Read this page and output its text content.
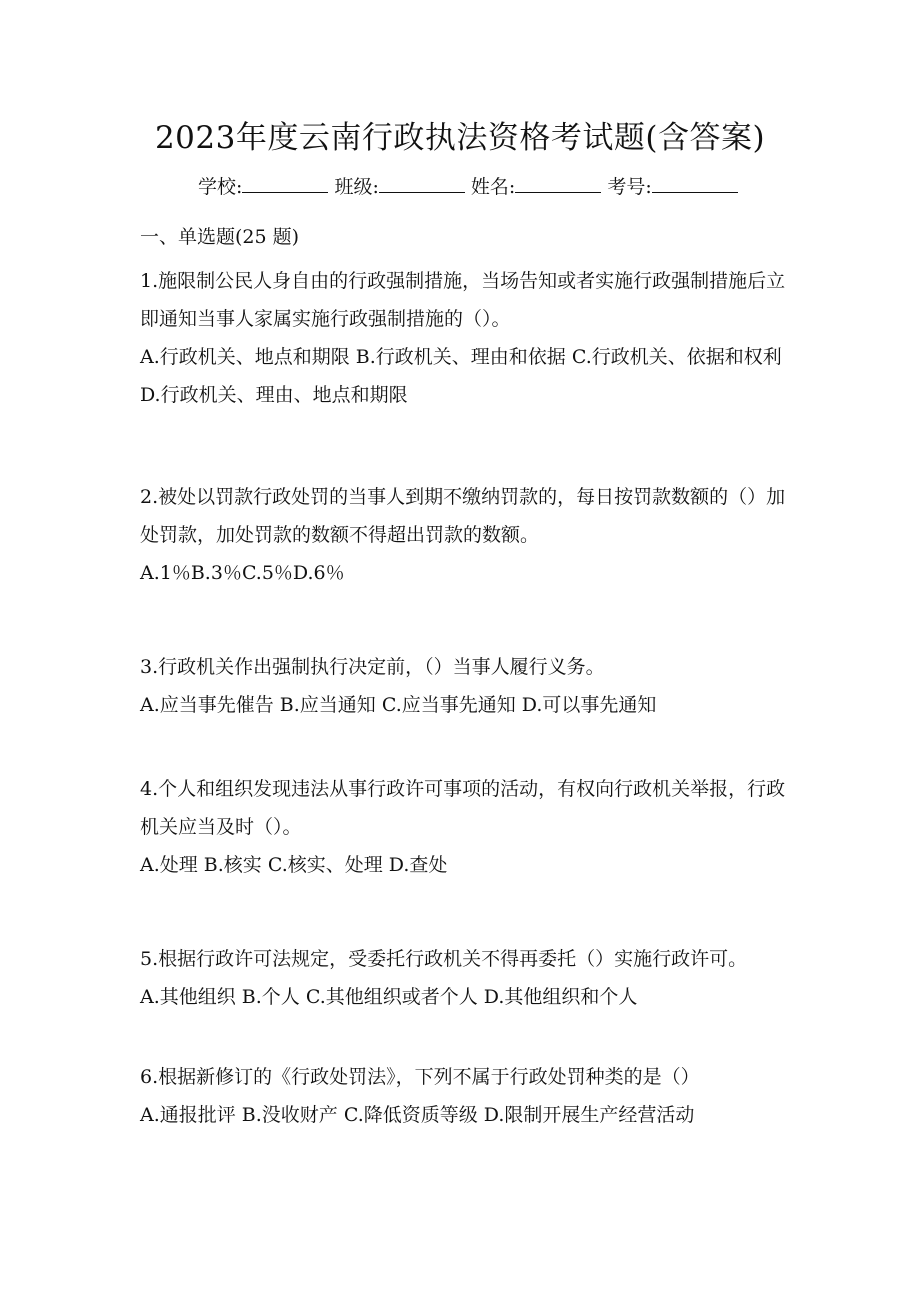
2023年度云南行政执法资格考试题(含答案)
学校:	班级:	姓名:	考号:
一、单选题(25 题)
1.施限制公民人身自由的行政强制措施，当场告知或者实施行政强制措施后立即通知当事人家属实施行政强制措施的（）。
A.行政机关、地点和期限 B.行政机关、理由和依据 C.行政机关、依据和权利 D.行政机关、理由、地点和期限
2.被处以罚款行政处罚的当事人到期不缴纳罚款的，每日按罚款数额的（）加处罚款，加处罚款的数额不得超出罚款的数额。
A.1％B.3％C.5％D.6％
3.行政机关作出强制执行决定前，（）当事人履行义务。
A.应当事先催告 B.应当通知 C.应当事先通知 D.可以事先通知
4.个人和组织发现违法从事行政许可事项的活动，有权向行政机关举报，行政机关应当及时（）。
A.处理 B.核实 C.核实、处理 D.查处
5.根据行政许可法规定，受委托行政机关不得再委托（）实施行政许可。
A.其他组织 B.个人 C.其他组织或者个人 D.其他组织和个人
6.根据新修订的《行政处罚法》，下列不属于行政处罚种类的是（）
A.通报批评 B.没收财产 C.降低资质等级 D.限制开展生产经营活动
